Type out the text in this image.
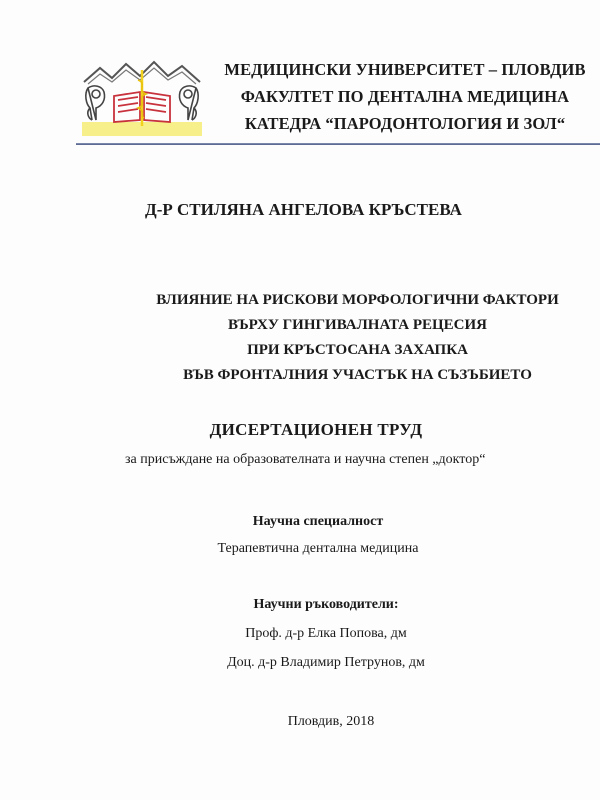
МЕДИЦИНСКИ УНИВЕРСИТЕТ – ПЛОВДИВ
ФАКУЛТЕТ ПО ДЕНТАЛНА МЕДИЦИНА
КАТЕДРА “ПАРОДОНТОЛОГИЯ И ЗОЛ“
Д-Р СТИЛЯНА АНГЕЛОВА КРЪСТЕВА
ВЛИЯНИЕ НА РИСКОВИ МОРФОЛОГИЧНИ ФАКТОРИ
ВЪРХУ ГИНГИВАЛНАТА РЕЦЕСИЯ
ПРИ КРЪСТОСАНА ЗАХАПКА
ВЪВ ФРОНТАЛНИЯ УЧАСТЪК НА СЪЗЪБИЕТО
ДИСЕРТАЦИОНЕН ТРУД
за присъждане на образователната и научна степен „доктор“
Научна специалност
Терапевтична дентална медицина
Научни ръководители:
Проф. д-р Елка Попова, дм
Доц. д-р Владимир Петрунов, дм
Пловдив, 2018
